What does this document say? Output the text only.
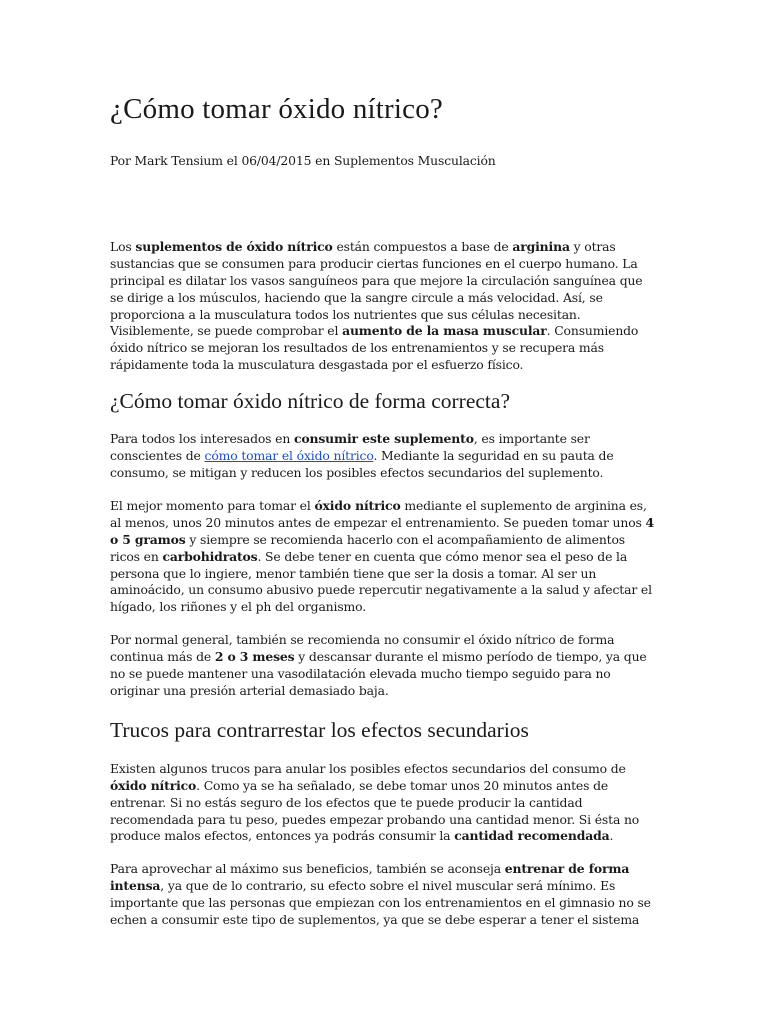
¿Cómo tomar óxido nítrico?

Por Mark Tensium el 06/04/2015 en Suplementos Musculación

Los suplementos de óxido nítrico están compuestos a base de arginina y otras sustancias que se consumen para producir ciertas funciones en el cuerpo humano. La principal es dilatar los vasos sanguíneos para que mejore la circulación sanguínea que se dirige a los músculos, haciendo que la sangre circule a más velocidad. Así, se proporciona a la musculatura todos los nutrientes que sus células necesitan. Visiblemente, se puede comprobar el aumento de la masa muscular. Consumiendo óxido nítrico se mejoran los resultados de los entrenamientos y se recupera más rápidamente toda la musculatura desgastada por el esfuerzo físico.

¿Cómo tomar óxido nítrico de forma correcta?

Para todos los interesados en consumir este suplemento, es importante ser conscientes de cómo tomar el óxido nítrico. Mediante la seguridad en su pauta de consumo, se mitigan y reducen los posibles efectos secundarios del suplemento.

El mejor momento para tomar el óxido nítrico mediante el suplemento de arginina es, al menos, unos 20 minutos antes de empezar el entrenamiento. Se pueden tomar unos 4 o 5 gramos y siempre se recomienda hacerlo con el acompañamiento de alimentos ricos en carbohidratos. Se debe tener en cuenta que cómo menor sea el peso de la persona que lo ingiere, menor también tiene que ser la dosis a tomar. Al ser un aminoácido, un consumo abusivo puede repercutir negativamente a la salud y afectar el hígado, los riñones y el ph del organismo.

Por normal general, también se recomienda no consumir el óxido nítrico de forma continua más de 2 o 3 meses y descansar durante el mismo período de tiempo, ya que no se puede mantener una vasodilatación elevada mucho tiempo seguido para no originar una presión arterial demasiado baja.

Trucos para contrarrestar los efectos secundarios

Existen algunos trucos para anular los posibles efectos secundarios del consumo de óxido nítrico. Como ya se ha señalado, se debe tomar unos 20 minutos antes de entrenar. Si no estás seguro de los efectos que te puede producir la cantidad recomendada para tu peso, puedes empezar probando una cantidad menor. Si ésta no produce malos efectos, entonces ya podrás consumir la cantidad recomendada.

Para aprovechar al máximo sus beneficios, también se aconseja entrenar de forma intensa, ya que de lo contrario, su efecto sobre el nivel muscular será mínimo. Es importante que las personas que empiezan con los entrenamientos en el gimnasio no se echen a consumir este tipo de suplementos, ya que se debe esperar a tener el sistema
